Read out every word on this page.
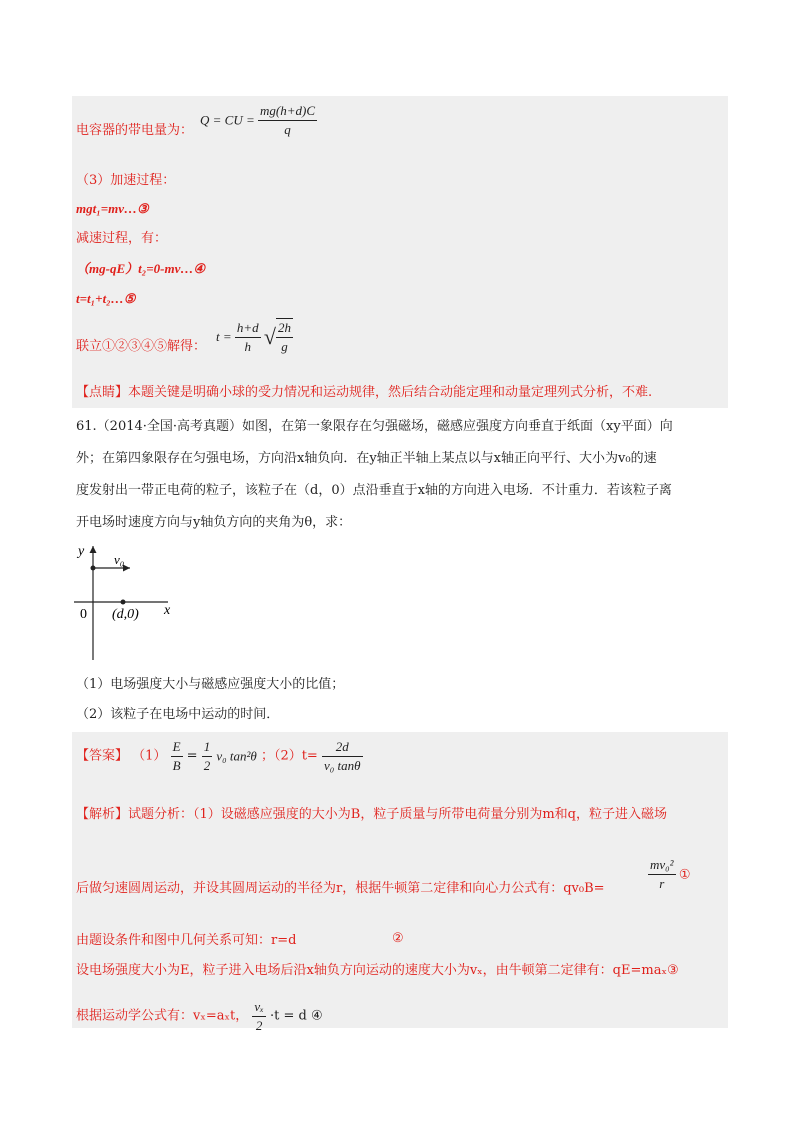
电容器的带电量为：
Q = CU = $\frac{mg(h+d)C}{q}$
（3）加速过程：
mgt₁=mv…③
减速过程，有：
（mg-qE）t₂=0-mv…④
t=t₁+t₂…⑤
联立①②③④⑤解得：
$t = \frac{h+d}{h}$ √ $\frac{2h}{g}$
【点睛】本题关键是明确小球的受力情况和运动规律，然后结合动能定理和动量定理列式分析，不难.
61.（2014·全国·高考真题）如图，在第一象限存在匀强磁场，磁感应强度方向垂直于纸面（xy平面）向
外；在第四象限存在匀强电场，方向沿x轴负向．在y轴正半轴上某点以与x轴正向平行、大小为v₀的速
度发射出一带正电荷的粒子，该粒子在（d，0）点沿垂直于x轴的方向进入电场．不计重力．若该粒子离
开电场时速度方向与y轴负方向的夹角为θ，求：
y
v₀
0 (d,0) x
（1）电场强度大小与磁感应强度大小的比值；
（2）该粒子在电场中运动的时间．
【答案】 $(1) \frac{E}{B} = \frac{1}{2} v_0$ tan²θ ；$(2)t= \frac{2d}{\text{v₀ tanθ}}$
【解析】试题分析：（1）设磁感应强度的大小为B，粒子质量与所带电荷量分别为m和q，粒子进入磁场
后做匀速圆周运动，并设其圆周运动的半径为r，根据牛顿第二定律和向心力公式有：qv₀B=	$\frac{\text{mv₀²}}{r}$ ①
由题设条件和图中几何关系可知：r=d	②
设电场强度大小为E，粒子进入电场后沿x轴负方向运动的速度大小为vₓ，由牛顿第二定律有：qE=maₓ③
根据运动学公式有：vₓ=aₓt， $\frac{\text{vₓ}}{2} \cdot t = d$ ④
